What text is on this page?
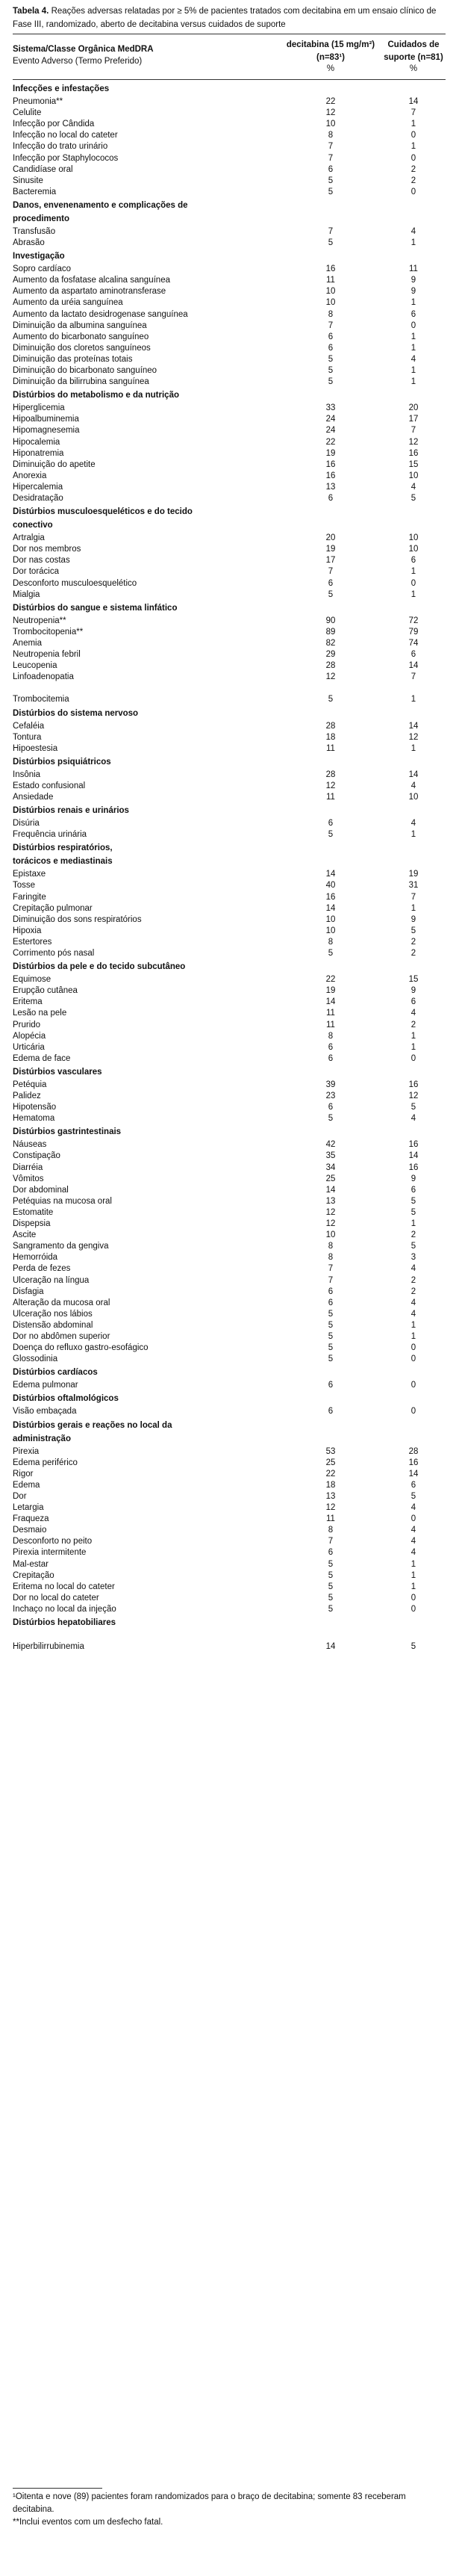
Tabela 4. Reações adversas relatadas por ≥ 5% de pacientes tratados com decitabina em um ensaio clínico de Fase III, randomizado, aberto de decitabina versus cuidados de suporte
Sistema/Classe Orgânica MedDRA
Evento Adverso (Termo Preferido)
decitabina (15 mg/m²)
(n=83¹)
%
Cuidados de
suporte (n=81)
%
Infecções e infestações
Pneumonia**	22	14
Celulite	12	7
Infecção por Cândida	10	1
Infecção no local do cateter	8	0
Infecção do trato urinário	7	1
Infecção por Staphylococos	7	0
Candidíase oral	6	2
Sinusite	5	2
Bacteremia	5	0
Danos, envenenamento e complicações de
procedimento
Transfusão	7	4
Abrasão	5	1
Investigação
Sopro cardíaco	16	11
Aumento da fosfatase alcalina sanguínea	11	9
Aumento da aspartato aminotransferase	10	9
Aumento da uréia sanguínea	10	1
Aumento da lactato desidrogenase sanguínea	8	6
Diminuição da albumina sanguínea	7	0
Aumento do bicarbonato sanguíneo	6	1
Diminuição dos cloretos sanguíneos	6	1
Diminuição das proteínas totais	5	4
Diminuição do bicarbonato sanguíneo	5	1
Diminuição da bilirrubina sanguínea	5	1
Distúrbios do metabolismo e da nutrição
Hiperglicemia	33	20
Hipoalbuminemia	24	17
Hipomagnesemia	24	7
Hipocalemia	22	12
Hiponatremia	19	16
Diminuição do apetite	16	15
Anorexia	16	10
Hipercalemia	13	4
Desidratação	6	5
Distúrbios musculoesqueléticos e do tecido
conectivo
Artralgia	20	10
Dor nos membros	19	10
Dor nas costas	17	6
Dor torácica	7	1
Desconforto musculoesquelético	6	0
Mialgia	5	1
Distúrbios do sangue e sistema linfático
Neutropenia**	90	72
Trombocitopenia**	89	79
Anemia	82	74
Neutropenia febril	29	6
Leucopenia	28	14
Linfoadenopatia	12	7
Trombocitemia	5	1
Distúrbios do sistema nervoso
Cefaléia	28	14
Tontura	18	12
Hipoestesia	11	1
Distúrbios psiquiátricos
Insônia	28	14
Estado confusional	12	4
Ansiedade	11	10
Distúrbios renais e urinários
Disúria	6	4
Frequência urinária	5	1
Distúrbios respiratórios,
torácicos e mediastinais
Epistaxe	14	19
Tosse	40	31
Faringite	16	7
Crepitação pulmonar	14	1
Diminuição dos sons respiratórios	10	9
Hipoxia	10	5
Estertores	8	2
Corrimento pós nasal	5	2
Distúrbios da pele e do tecido subcutâneo
Equimose	22	15
Erupção cutânea	19	9
Eritema	14	6
Lesão na pele	11	4
Prurido	11	2
Alopécia	8	1
Urticária	6	1
Edema de face	6	0
Distúrbios vasculares
Petéquia	39	16
Palidez	23	12
Hipotensão	6	5
Hematoma	5	4
Distúrbios gastrintestinais
Náuseas	42	16
Constipação	35	14
Diarréia	34	16
Vômitos	25	9
Dor abdominal	14	6
Petéquias na mucosa oral	13	5
Estomatite	12	5
Dispepsia	12	1
Ascite	10	2
Sangramento da gengiva	8	5
Hemorróida	8	3
Perda de fezes	7	4
Ulceração na língua	7	2
Disfagia	6	2
Alteração da mucosa oral	6	4
Ulceração nos lábios	5	4
Distensão abdominal	5	1
Dor no abdômen superior	5	1
Doença do refluxo gastro-esofágico	5	0
Glossodinia	5	0
Distúrbios cardíacos
Edema pulmonar	6	0
Distúrbios oftalmológicos
Visão embaçada	6	0
Distúrbios gerais e reações no local da
administração
Pirexia	53	28
Edema periférico	25	16
Rigor	22	14
Edema	18	6
Dor	13	5
Letargia	12	4
Fraqueza	11	0
Desmaio	8	4
Desconforto no peito	7	4
Pirexia intermitente	6	4
Mal-estar	5	1
Crepitação	5	1
Eritema no local do cateter	5	1
Dor no local do cateter	5	0
Inchaço no local da injeção	5	0
Distúrbios hepatobiliares
Hiperbilirrubinemia	14	5
¹Oitenta e nove (89) pacientes foram randomizados para o braço de decitabina; somente 83 receberam decitabina.
**Inclui eventos com um desfecho fatal.
